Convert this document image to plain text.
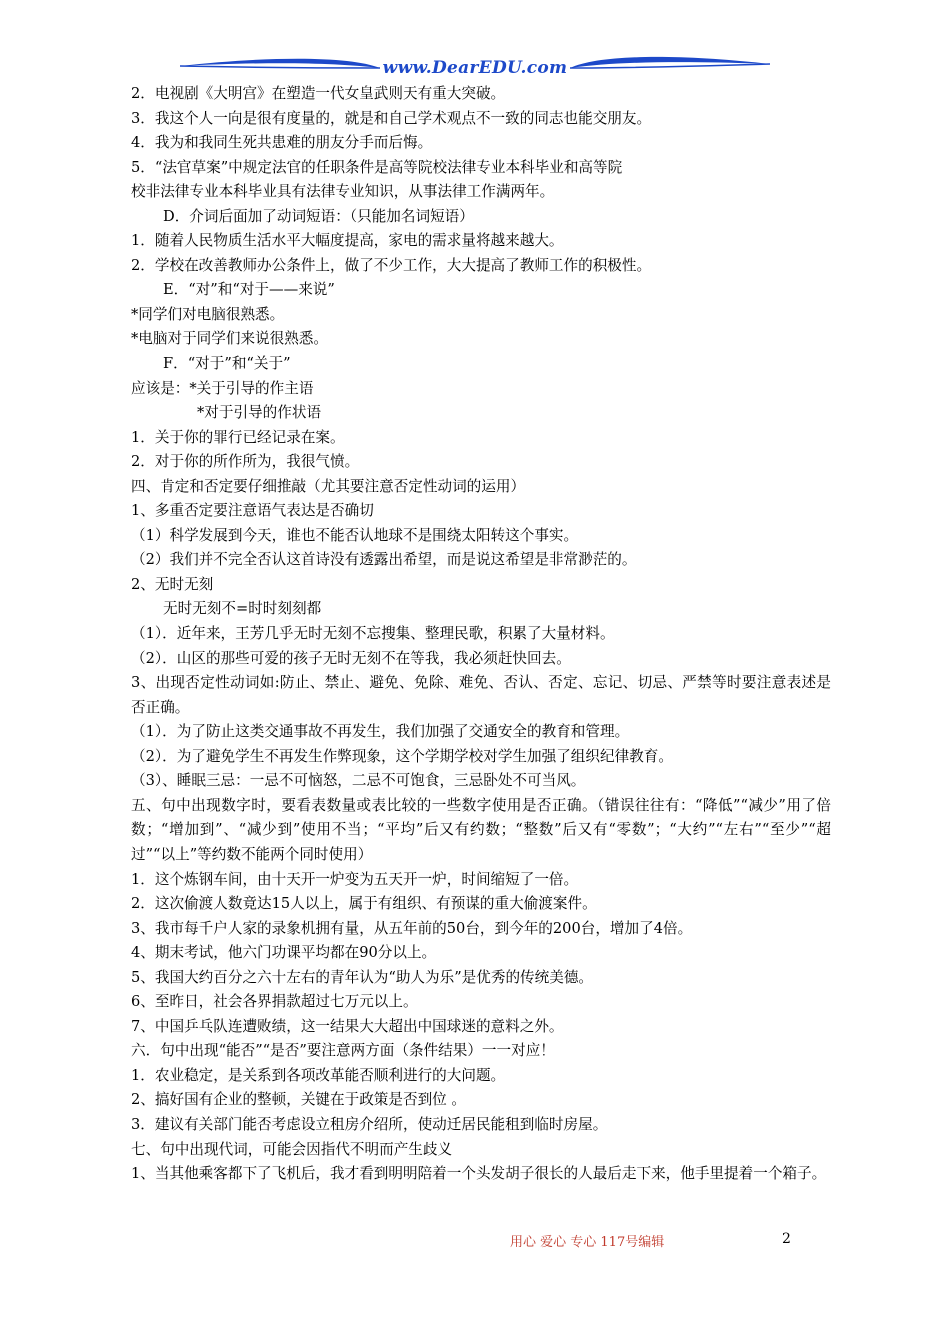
www.DearEDU.com
2．电视剧《大明宫》在塑造一代女皇武则天有重大突破。
3．我这个人一向是很有度量的，就是和自己学术观点不一致的同志也能交朋友。
4．我为和我同生死共患难的朋友分手而后悔。
5．“法官草案”中规定法官的任职条件是高等院校法律专业本科毕业和高等院
校非法律专业本科毕业具有法律专业知识，从事法律工作满两年。
D．介词后面加了动词短语：（只能加名词短语）
1．随着人民物质生活水平大幅度提高，家电的需求量将越来越大。
2．学校在改善教师办公条件上，做了不少工作，大大提高了教师工作的积极性。
E．“对”和“对于——来说”
*同学们对电脑很熟悉。
*电脑对于同学们来说很熟悉。
F．“对于”和“关于”
应该是：*关于引导的作主语
*对于引导的作状语
1．关于你的罪行已经记录在案。
2．对于你的所作所为，我很气愤。
四、肯定和否定要仔细推敲（尤其要注意否定性动词的运用）
1、多重否定要注意语气表达是否确切
（1）科学发展到今天，谁也不能否认地球不是围绕太阳转这个事实。
（2）我们并不完全否认这首诗没有透露出希望，而是说这希望是非常渺茫的。
2、无时无刻
无时无刻不=时时刻刻都
（1）．近年来，王芳几乎无时无刻不忘搜集、整理民歌，积累了大量材料。
（2）．山区的那些可爱的孩子无时无刻不在等我，我必须赶快回去。
3、出现否定性动词如:防止、禁止、避免、免除、难免、否认、否定、忘记、切忌、严禁等时要注意表述是否正确。
（1）．为了防止这类交通事故不再发生，我们加强了交通安全的教育和管理。
（2）．为了避免学生不再发生作弊现象，这个学期学校对学生加强了组织纪律教育。
（3）、睡眠三忌：一忌不可恼怒，二忌不可饱食，三忌卧处不可当风。
五、句中出现数字时，要看表数量或表比较的一些数字使用是否正确。（错误往往有：“降低”“减少”用了倍数；“增加到”、“减少到”使用不当；“平均”后又有约数；“整数”后又有“零数”；“大约”“左右”“至少”“超过”“以上”等约数不能两个同时使用）
1．这个炼钢车间，由十天开一炉变为五天开一炉，时间缩短了一倍。
2．这次偷渡人数竟达15人以上，属于有组织、有预谋的重大偷渡案件。
3、我市每千户人家的录象机拥有量，从五年前的50台，到今年的200台，增加了4倍。
4、期末考试，他六门功课平均都在90分以上。
5、我国大约百分之六十左右的青年认为“助人为乐”是优秀的传统美德。
6、至昨日，社会各界捐款超过七万元以上。
7、中国乒乓队连遭败绩，这一结果大大超出中国球迷的意料之外。
六．句中出现“能否”“是否”要注意两方面（条件结果）一一对应！
1．农业稳定，是关系到各项改革能否顺利进行的大问题。
2、搞好国有企业的整顿，关键在于政策是否到位 。
3．建议有关部门能否考虑设立租房介绍所，使动迁居民能租到临时房屋。
七、句中出现代词，可能会因指代不明而产生歧义
1、当其他乘客都下了飞机后，我才看到明明陪着一个头发胡子很长的人最后走下来，他手里提着一个箱子。
用心 爱心 专心 117号编辑	2
